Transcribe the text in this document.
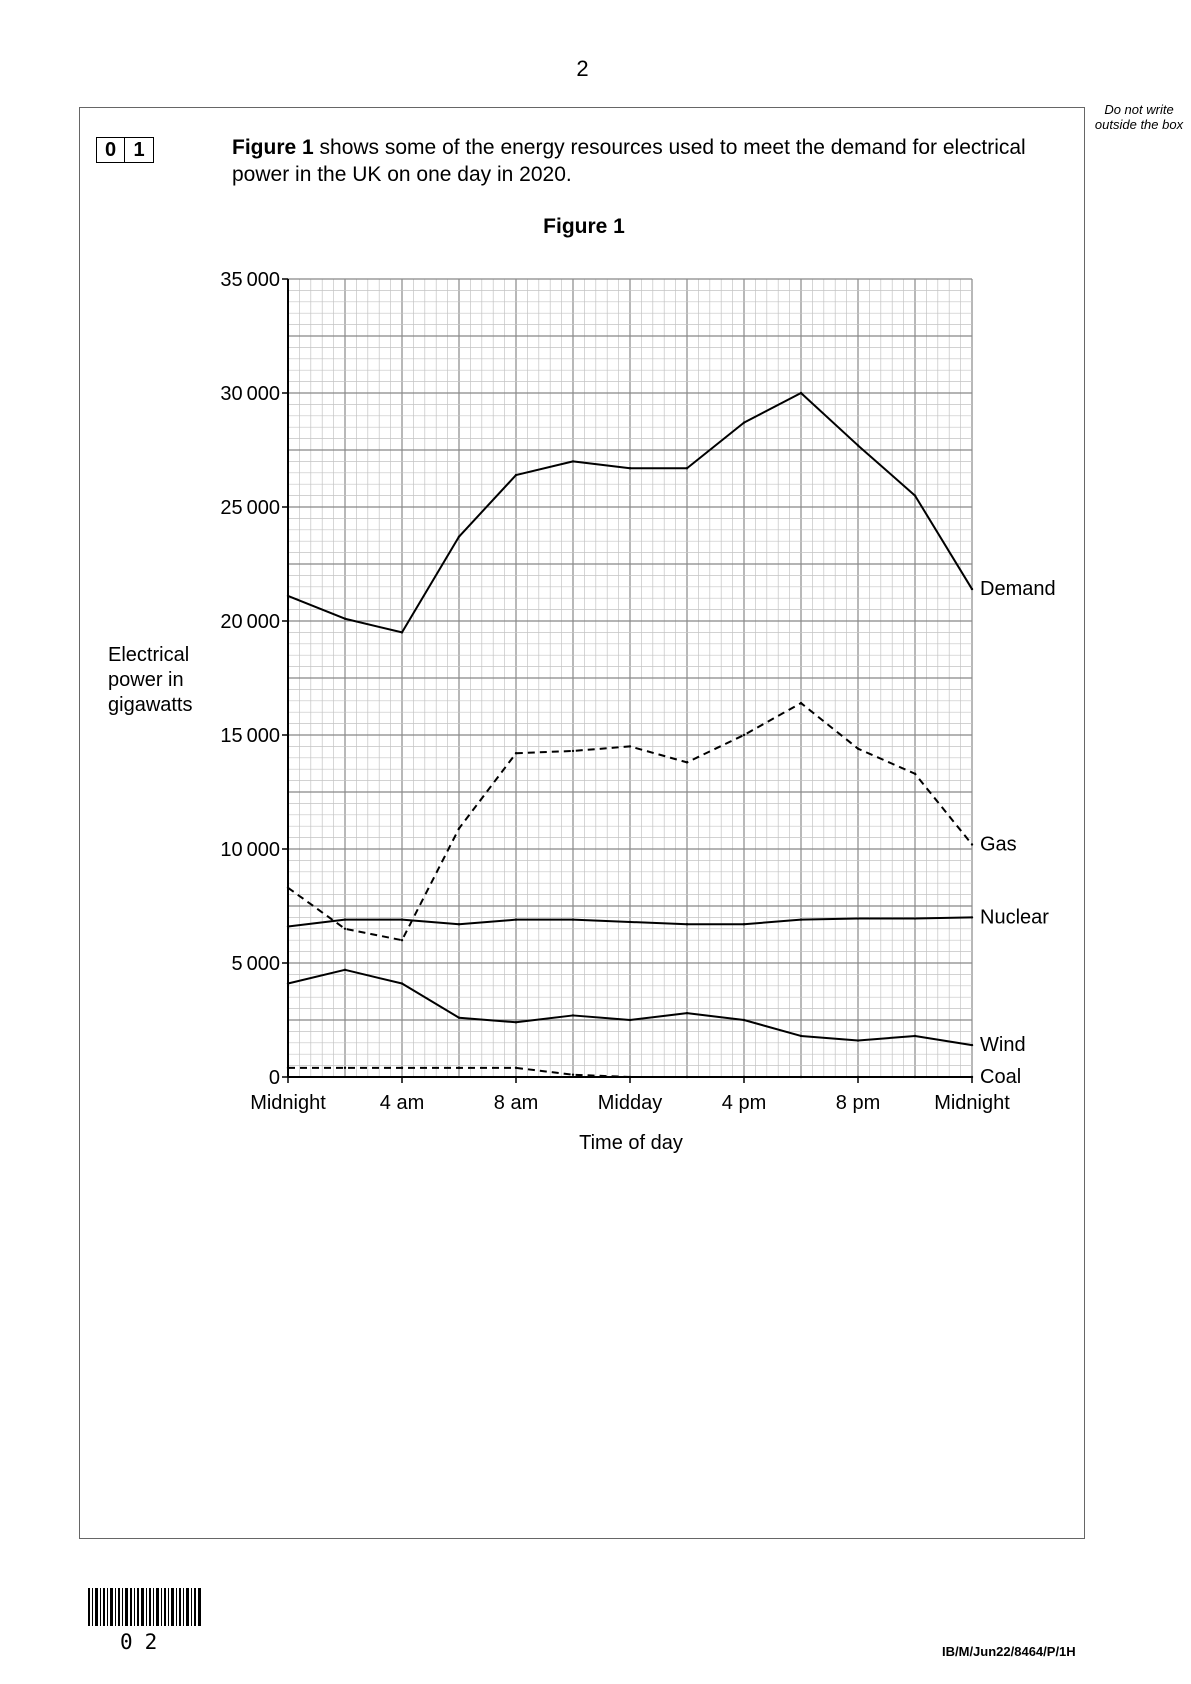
2
Do not write outside the box
0 1	Figure 1 shows some of the energy resources used to meet the demand for electrical power in the UK on one day in 2020.
Figure 1
0
5 000
10 000
15 000
20 000
25 000
30 000
35 000
Midnight	4 am	8 am	Midday	4 pm	8 pm	Midnight
Demand
Gas
Nuclear
Wind
Coal
Time of day
Electrical power in gigawatts
02	IB/M/Jun22/8464/P/1H
